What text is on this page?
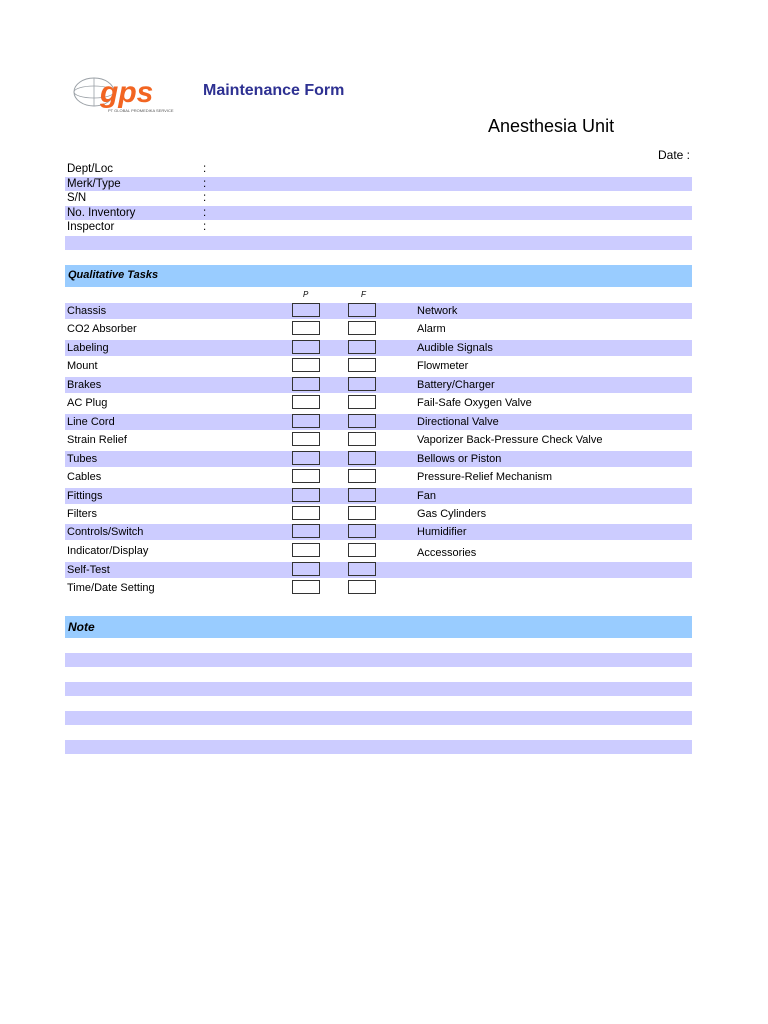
gps
PT GLOBAL PROMEDIKA SERVICE
Maintenance Form
Anesthesia Unit
Date :
Dept/Loc	:
Merk/Type	:
S/N	:
No. Inventory	:
Inspector	:
Qualitative Tasks
P	F
Chassis	Network
CO2 Absorber	Alarm
Labeling	Audible Signals
Mount	Flowmeter
Brakes	Battery/Charger
AC Plug	Fail-Safe Oxygen Valve
Line Cord	Directional Valve
Strain Relief	Vaporizer Back-Pressure Check Valve
Tubes	Bellows or Piston
Cables	Pressure-Relief Mechanism
Fittings	Fan
Filters	Gas Cylinders
Controls/Switch	Humidifier
Indicator/Display	Accessories
Self-Test
Time/Date Setting
Note
